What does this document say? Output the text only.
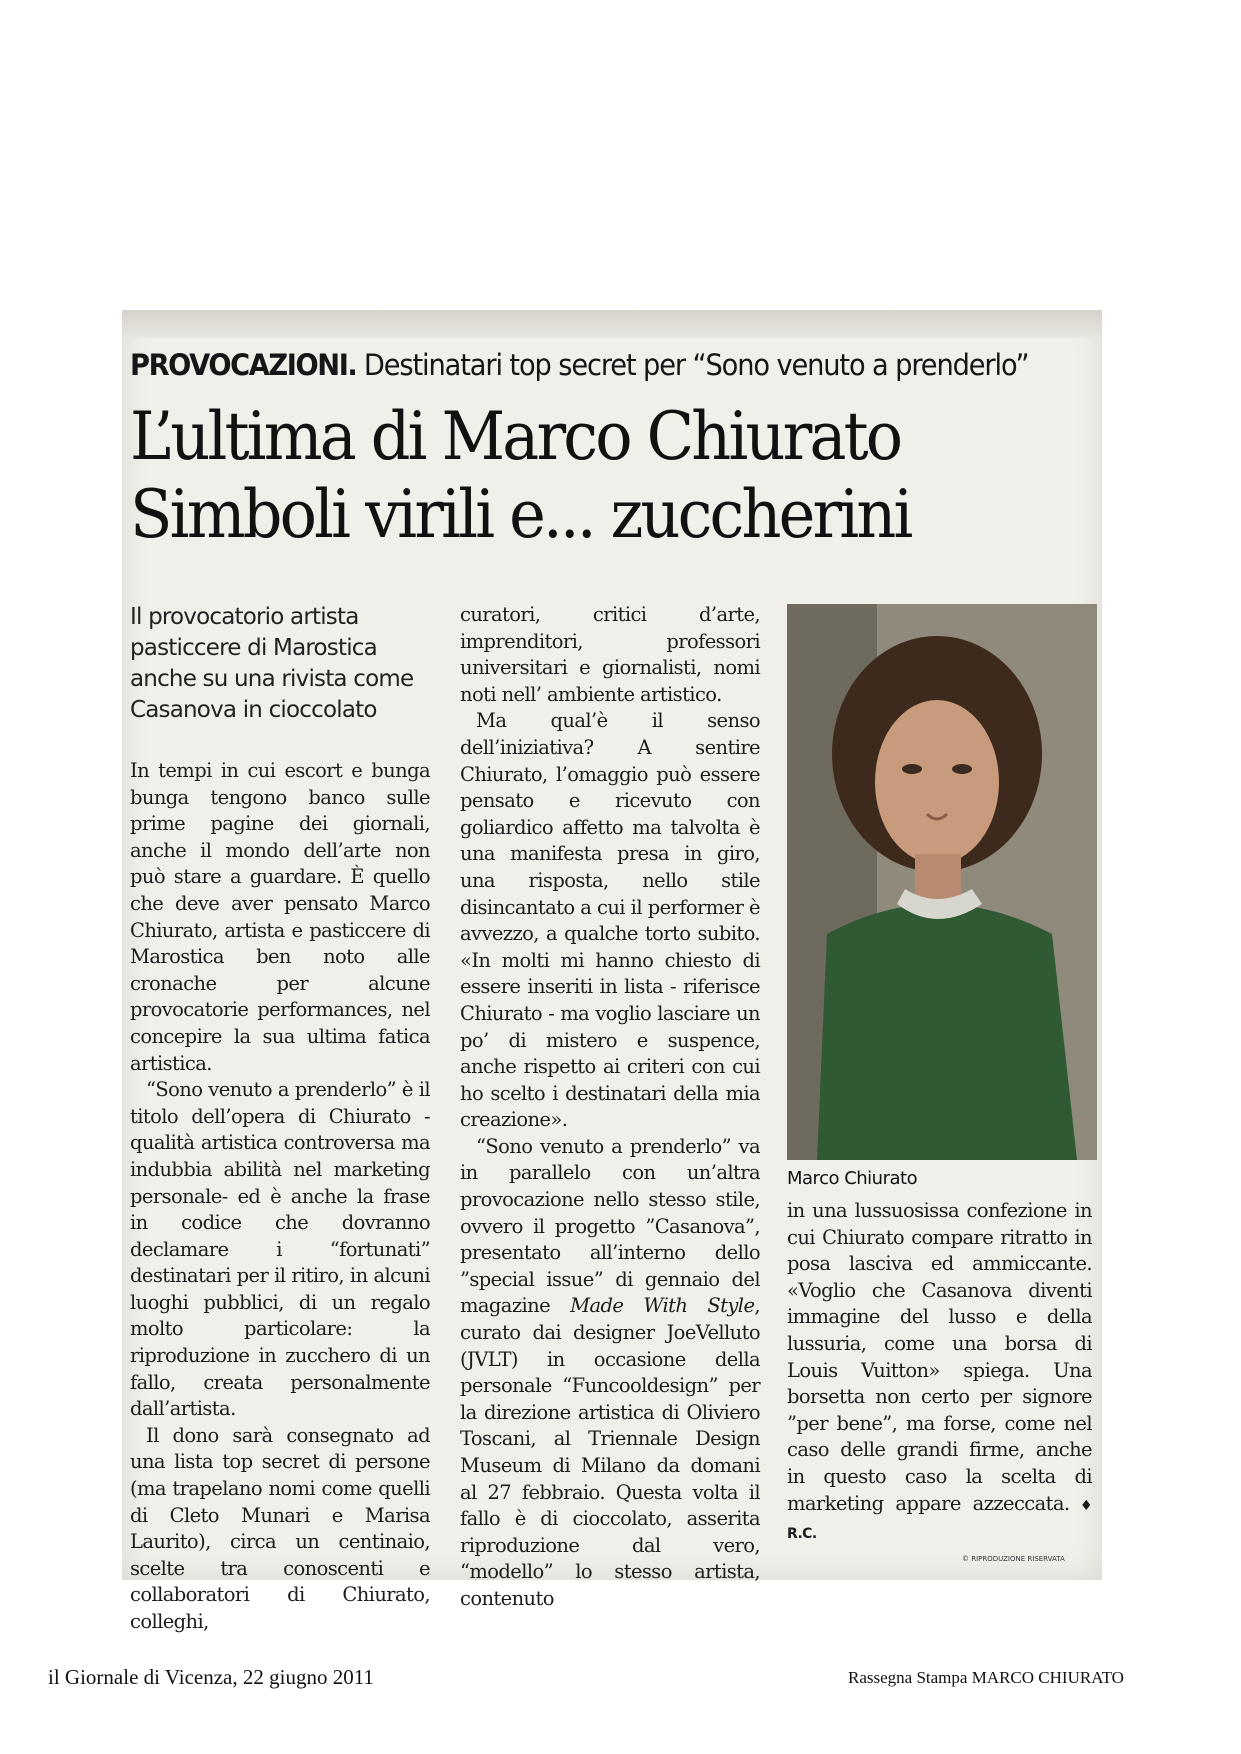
PROVOCAZIONI. Destinatari top secret per “Sono venuto a prenderlo”
L’ultima di Marco Chiurato
Simboli virili e... zuccherini
Il provocatorio artista pasticcere di Marostica anche su una rivista come Casanova in cioccolato

In tempi in cui escort e bunga bunga tengono banco sulle prime pagine dei giornali, anche il mondo dell’arte non può stare a guardare. È quello che deve aver pensato Marco Chiurato, artista e pasticcere di Marostica ben noto alle cronache per alcune provocatorie performances, nel concepire la sua ultima fatica artistica.

“Sono venuto a prenderlo” è il titolo dell’opera di Chiurato - qualità artistica controversa ma indubbia abilità nel marketing personale- ed è anche la frase in codice che dovranno declamare i “fortunati” destinatari per il ritiro, in alcuni luoghi pubblici, di un regalo molto particolare: la riproduzione in zucchero di un fallo, creata personalmente dall’artista.

Il dono sarà consegnato ad una lista top secret di persone (ma trapelano nomi come quelli di Cleto Munari e Marisa Laurito), circa un centinaio, scelte tra conoscenti e collaboratori di Chiurato, colleghi,

curatori, critici d’arte, imprenditori, professori universitari e giornalisti, nomi noti nell’ ambiente artistico.

Ma qual’è il senso dell’iniziativa? A sentire Chiurato, l’omaggio può essere pensato e ricevuto con goliardico affetto ma talvolta è una manifesta presa in giro, una risposta, nello stile disincantato a cui il performer è avvezzo, a qualche torto subito. «In molti mi hanno chiesto di essere inseriti in lista - riferisce Chiurato - ma voglio lasciare un po’ di mistero e suspence, anche rispetto ai criteri con cui ho scelto i destinatari della mia creazione».

“Sono venuto a prenderlo” va in parallelo con un’altra provocazione nello stesso stile, ovvero il progetto ”Casanova”, presentato all’interno dello ”special issue” di gennaio del magazine Made With Style, curato dai designer JoeVelluto (JVLT) in occasione della personale “Funcooldesign” per la direzione artistica di Oliviero Toscani, al Triennale Design Museum di Milano da domani al 27 febbraio. Questa volta il fallo è di cioccolato, asserita riproduzione dal vero, “modello” lo stesso artista, contenuto

Marco Chiurato

in una lussuosissa confezione in cui Chiurato compare ritratto in posa lasciva ed ammiccante. «Voglio che Casanova diventi immagine del lusso e della lussuria, come una borsa di Louis Vuitton» spiega. Una borsetta non certo per signore ”per bene”, ma forse, come nel caso delle grandi firme, anche in questo caso la scelta di marketing appare azzeccata. ♦ R.C.

© RIPRODUZIONE RISERVATA
il Giornale di Vicenza, 22 giugno 2011	Rassegna Stampa MARCO CHIURATO
